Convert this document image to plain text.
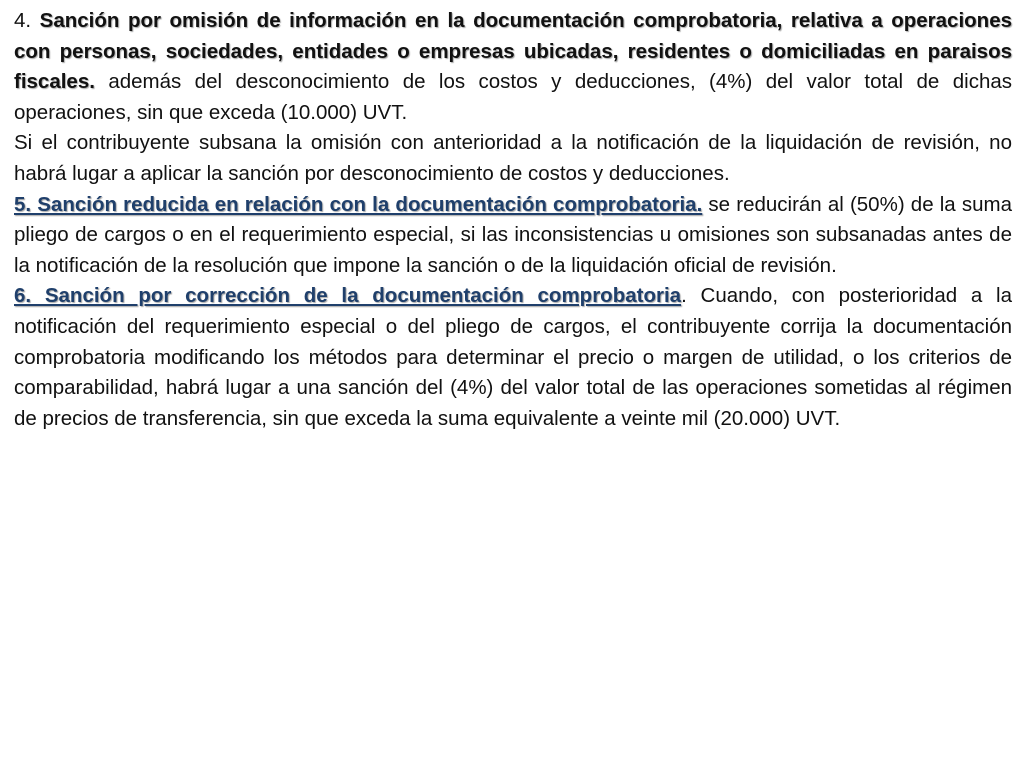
4. Sanción por omisión de información en la documentación comprobatoria, relativa a operaciones con personas, sociedades, entidades o empresas ubicadas, residentes o domiciliadas en paraisos fiscales. además del desconocimiento de los costos y deducciones, (4%) del valor total de dichas operaciones, sin que exceda (10.000) UVT.

Si el contribuyente subsana la omisión con anterioridad a la notificación de la liquidación de revisión, no habrá lugar a aplicar la sanción por desconocimiento de costos y deducciones.

5. Sanción reducida en relación con la documentación comprobatoria. se reducirán al (50%) de la suma pliego de cargos o en el requerimiento especial, si las inconsistencias u omisiones son subsanadas antes de la notificación de la resolución que impone la sanción o de la liquidación oficial de revisión.

6. Sanción por corrección de la documentación comprobatoria. Cuando, con posterioridad a la notificación del requerimiento especial o del pliego de cargos, el contribuyente corrija la documentación comprobatoria modificando los métodos para determinar el precio o margen de utilidad, o los criterios de comparabilidad, habrá lugar a una sanción del (4%) del valor total de las operaciones sometidas al régimen de precios de transferencia, sin que exceda la suma equivalente a veinte mil (20.000) UVT.
